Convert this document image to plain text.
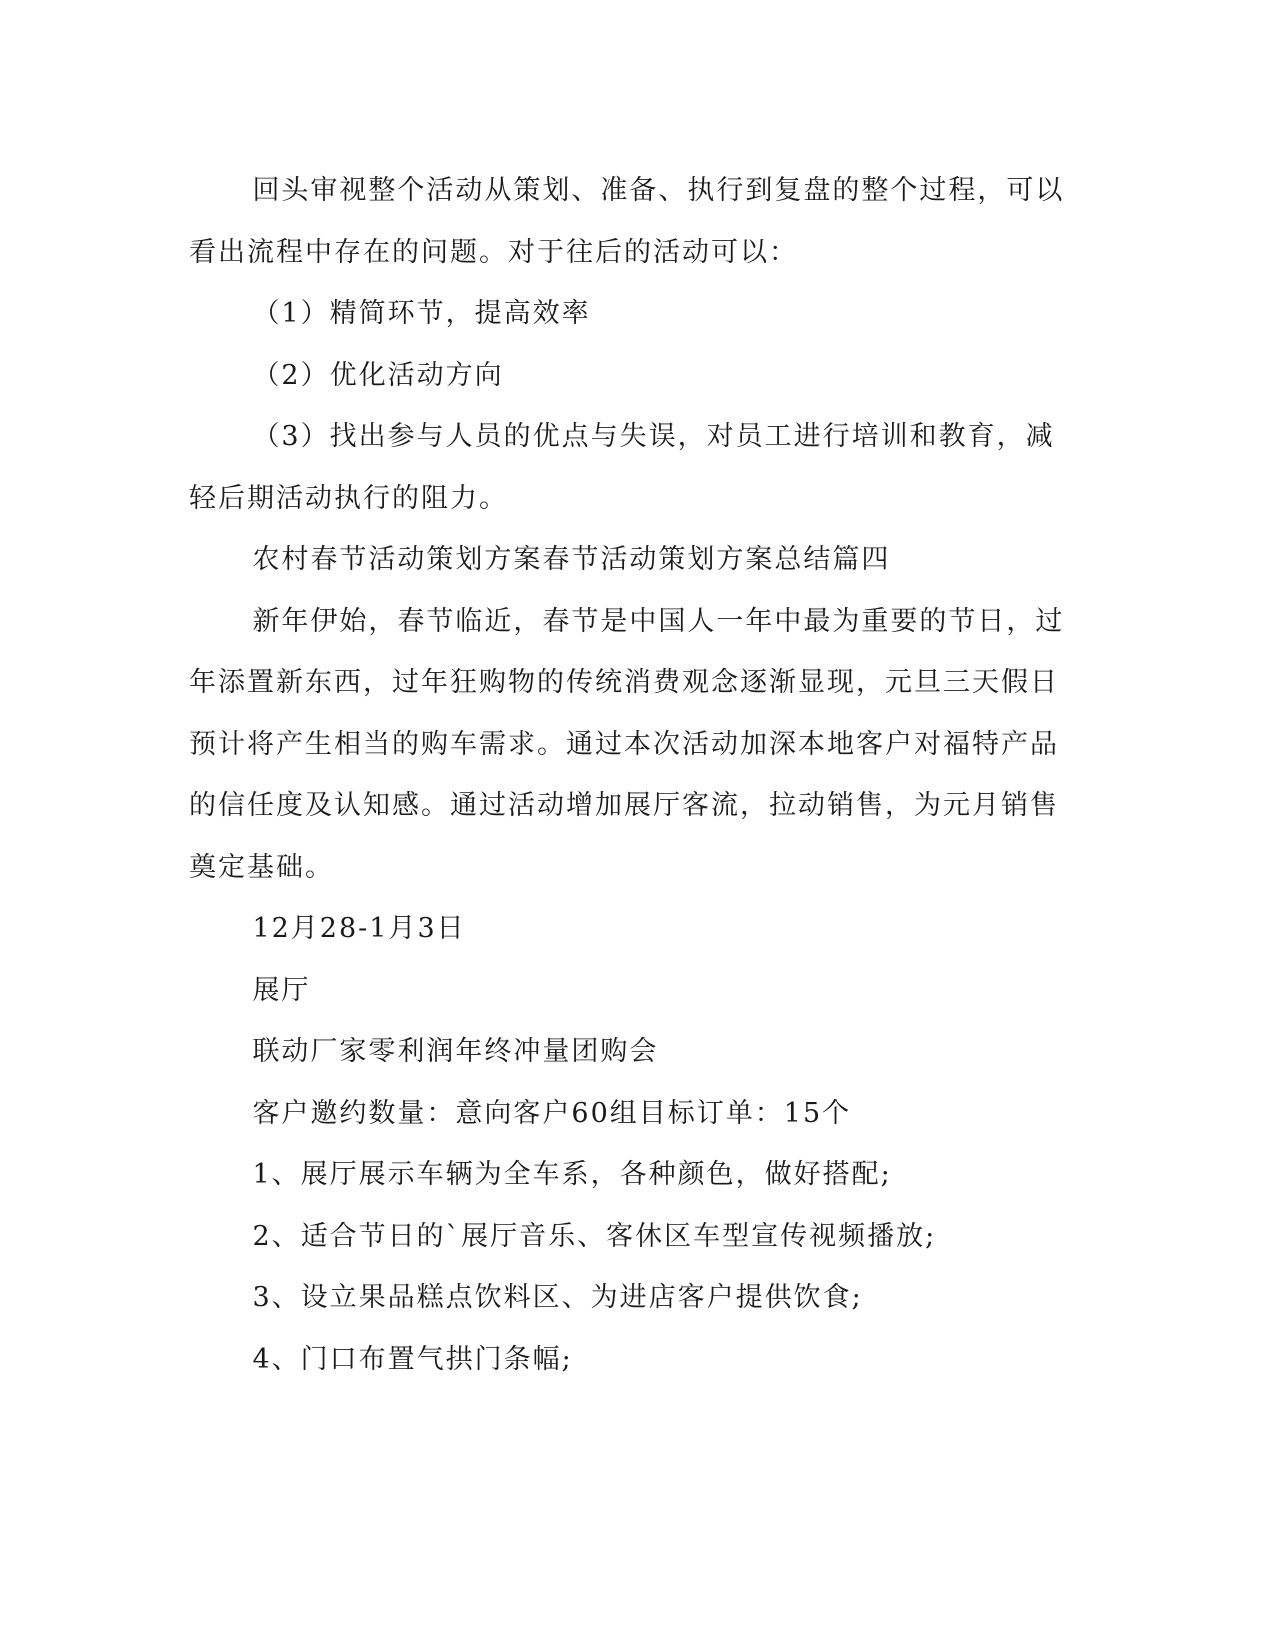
回头审视整个活动从策划、准备、执行到复盘的整个过程，可以看出流程中存在的问题。对于往后的活动可以：

（1）精简环节，提高效率

（2）优化活动方向

（3）找出参与人员的优点与失误，对员工进行培训和教育，减轻后期活动执行的阻力。

农村春节活动策划方案春节活动策划方案总结篇四

新年伊始，春节临近，春节是中国人一年中最为重要的节日，过年添置新东西，过年狂购物的传统消费观念逐渐显现，元旦三天假日预计将产生相当的购车需求。通过本次活动加深本地客户对福特产品的信任度及认知感。通过活动增加展厅客流，拉动销售，为元月销售奠定基础。

12月28-1月3日

展厅

联动厂家零利润年终冲量团购会

客户邀约数量：意向客户60组目标订单：15个

1、展厅展示车辆为全车系，各种颜色，做好搭配;

2、适合节日的`展厅音乐、客休区车型宣传视频播放;

3、设立果品糕点饮料区、为进店客户提供饮食;

4、门口布置气拱门条幅;
